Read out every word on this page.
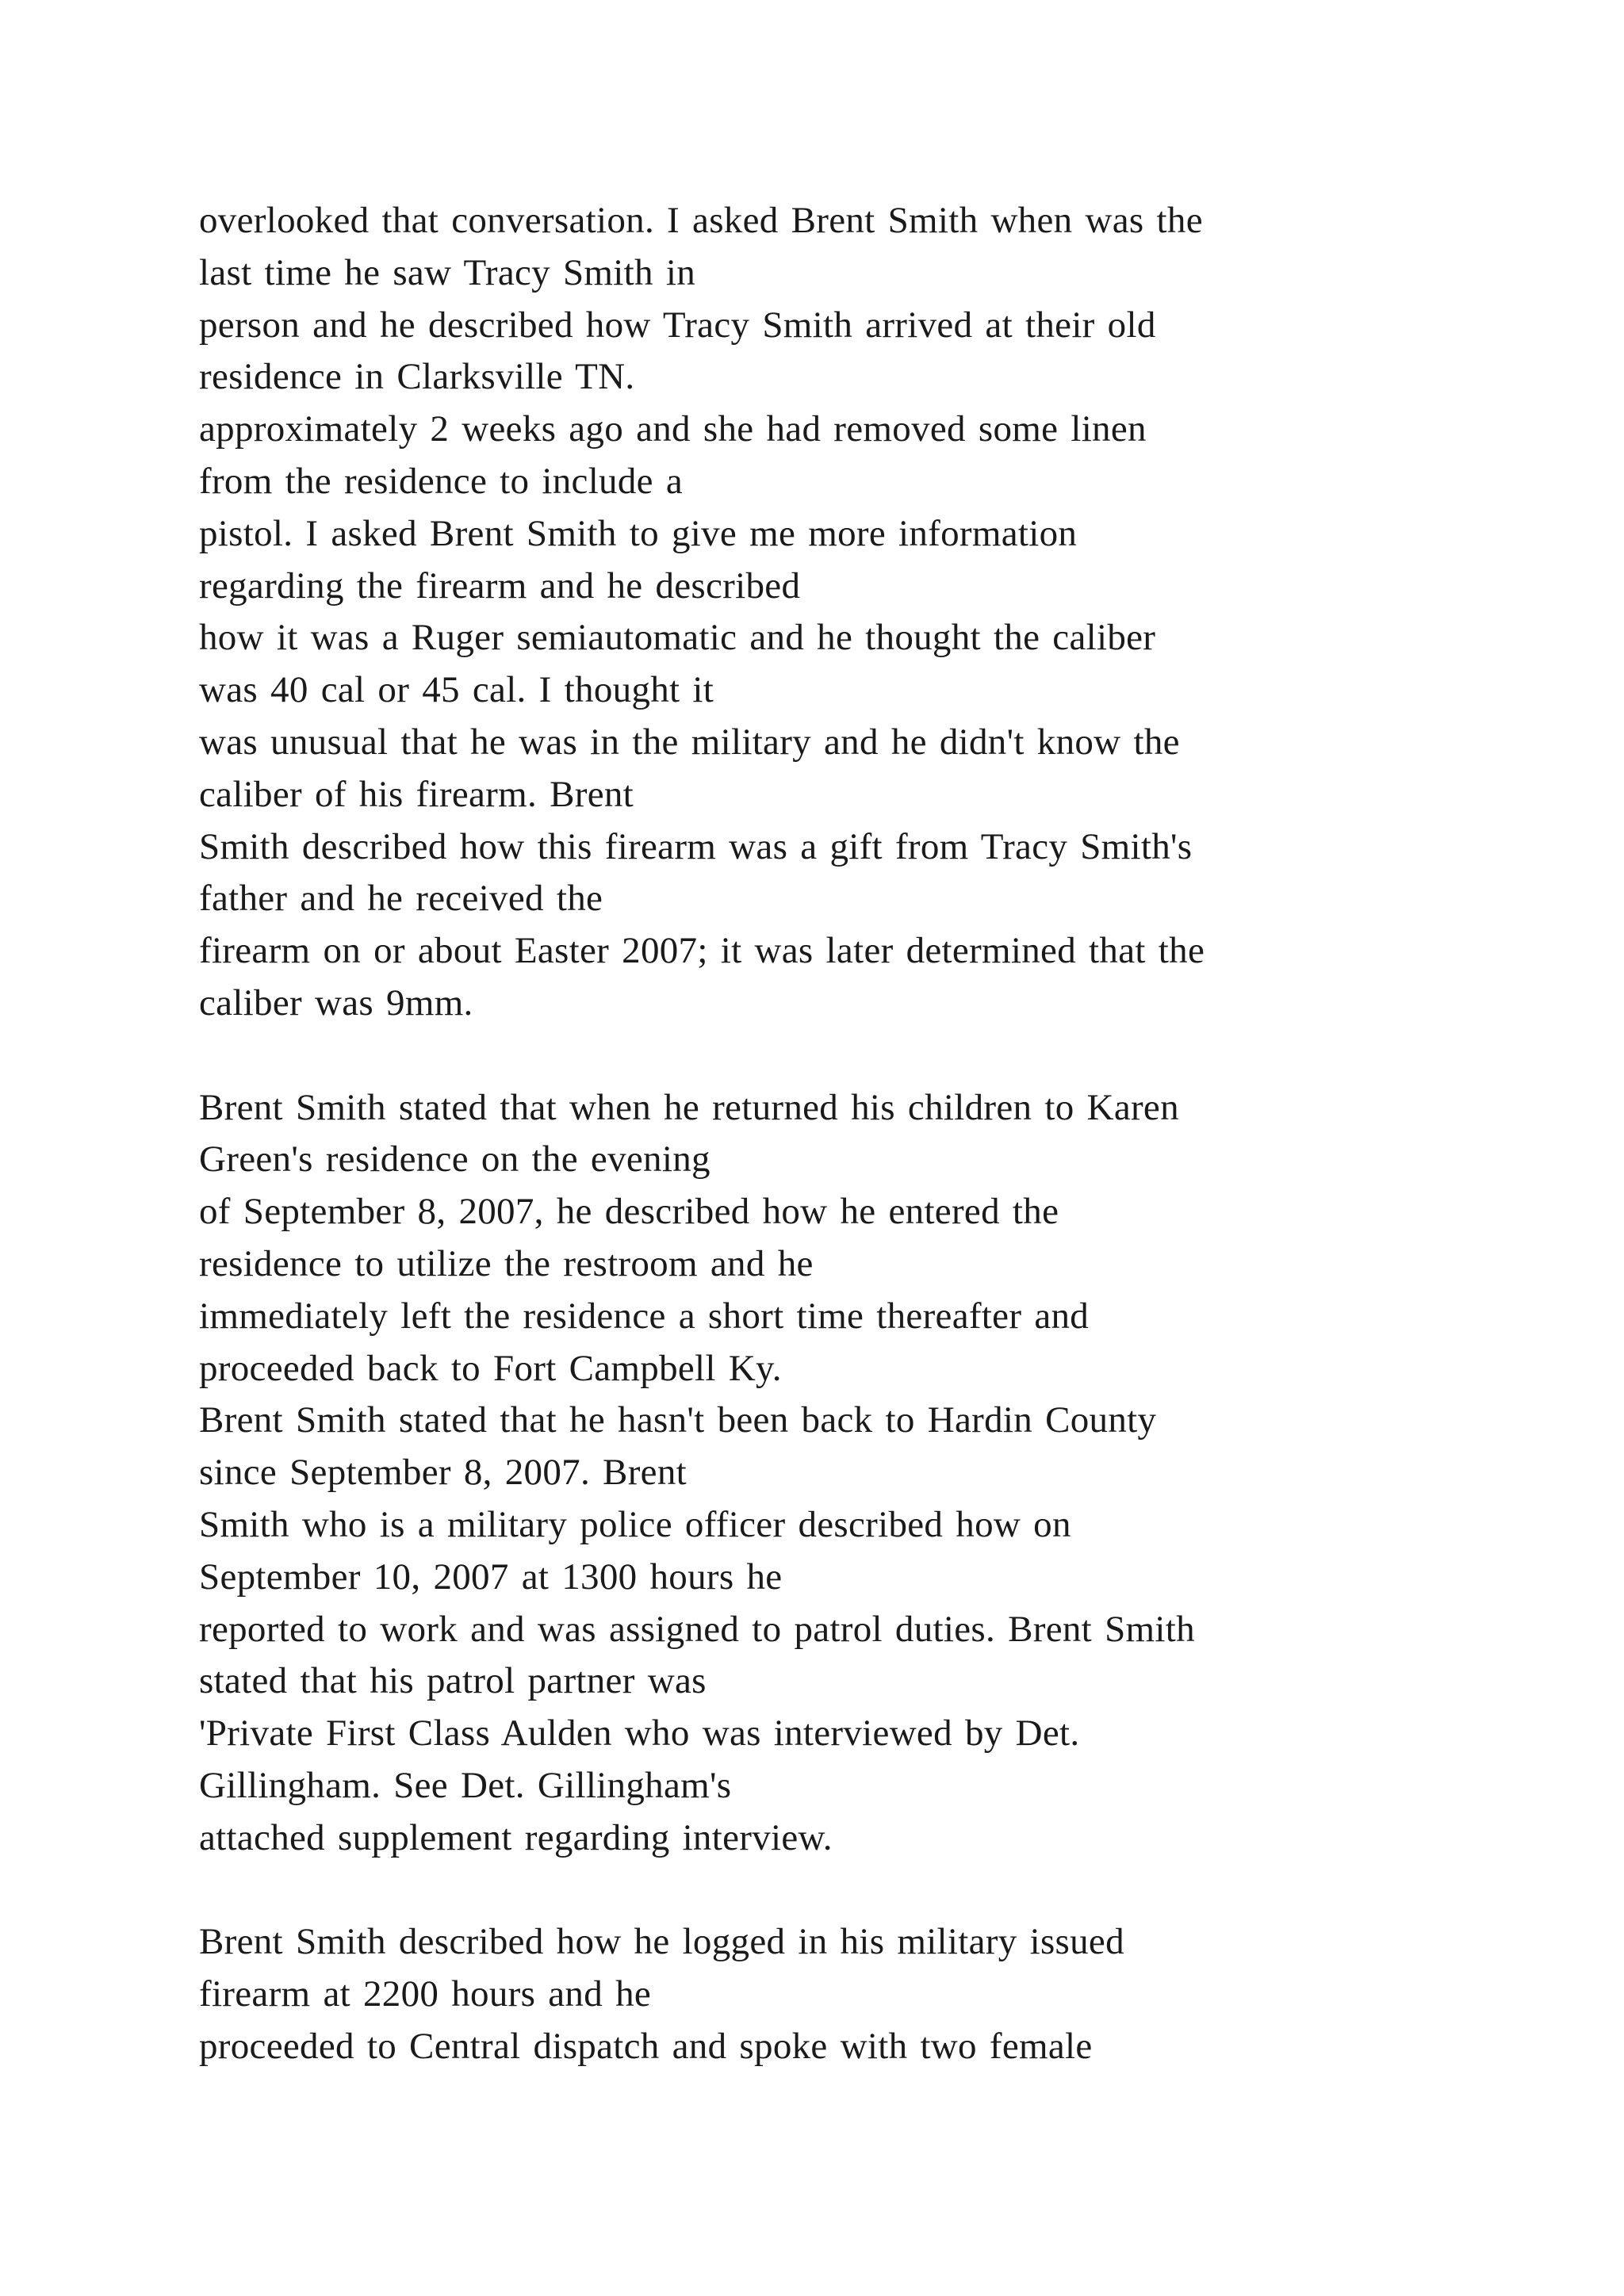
overlooked that conversation. I asked Brent Smith when was the
last time he saw Tracy Smith in
person and he described how Tracy Smith arrived at their old
residence in Clarksville TN.
approximately 2 weeks ago and she had removed some linen
from the residence to include a
pistol. I asked Brent Smith to give me more information
regarding the firearm and he described
how it was a Ruger semiautomatic and he thought the caliber
was 40 cal or 45 cal. I thought it
was unusual that he was in the military and he didn't know the
caliber of his firearm. Brent
Smith described how this firearm was a gift from Tracy Smith's
father and he received the
firearm on or about Easter 2007; it was later determined that the
caliber was 9mm.
Brent Smith stated that when he returned his children to Karen
Green's residence on the evening
of September 8, 2007, he described how he entered the
residence to utilize the restroom and he
immediately left the residence a short time thereafter and
proceeded back to Fort Campbell Ky.
Brent Smith stated that he hasn't been back to Hardin County
since September 8, 2007. Brent
Smith who is a military police officer described how on
September 10, 2007 at 1300 hours he
reported to work and was assigned to patrol duties. Brent Smith
stated that his patrol partner was
'Private First Class Aulden who was interviewed by Det.
Gillingham. See Det. Gillingham's
attached supplement regarding interview.
Brent Smith described how he logged in his military issued
firearm at 2200 hours and he
proceeded to Central dispatch and spoke with two female
